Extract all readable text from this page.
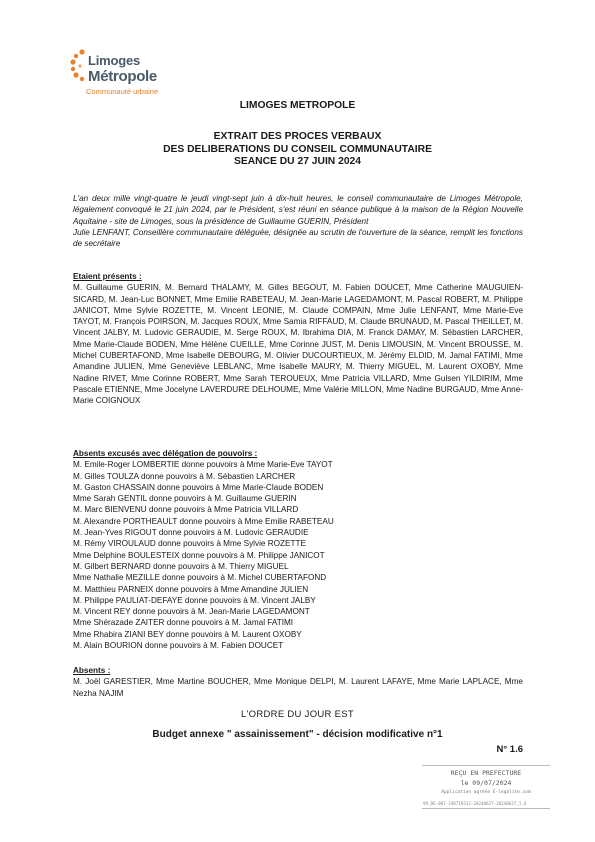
Limoges
Métropole
Communauté urbaine
LIMOGES METROPOLE
EXTRAIT DES PROCES VERBAUX
DES DELIBERATIONS DU CONSEIL COMMUNAUTAIRE
SEANCE DU 27 JUIN 2024

L'an deux mille vingt-quatre le jeudi vingt-sept juin à dix-huit heures, le conseil communautaire de Limoges Métropole, légalement convoqué le 21 juin 2024, par le Président, s'est réuni en séance publique à la maison de la Région Nouvelle Aquitaine - site de Limoges, sous la présidence de Guillaume GUERIN, Président

Julie LENFANT, Conseillère communautaire déléguée, désignée au scrutin de l'ouverture de la séance, remplit les fonctions de secrétaire

Etaient présents :
M. Guillaume GUERIN, M. Bernard THALAMY, M. Gilles BEGOUT, M. Fabien DOUCET, Mme Catherine MAUGUIEN-SICARD, M. Jean-Luc BONNET, Mme Emilie RABETEAU, M. Jean-Marie LAGEDAMONT, M. Pascal ROBERT, M. Philippe JANICOT, Mme Sylvie ROZETTE, M. Vincent LEONIE, M. Claude COMPAIN, Mme Julie LENFANT, Mme Marie-Eve TAYOT, M. François POIRSON, M. Jacques ROUX, Mme Samia RIFFAUD, M. Claude BRUNAUD, M. Pascal THEILLET, M. Vincent JALBY, M. Ludovic GERAUDIE, M. Serge ROUX, M. Ibrahima DIA, M. Franck DAMAY, M. Sébastien LARCHER, Mme Marie-Claude BODEN, Mme Hélène CUEILLE, Mme Corinne JUST, M. Denis LIMOUSIN, M. Vincent BROUSSE, M. Michel CUBERTAFOND, Mme Isabelle DEBOURG, M. Olivier DUCOURTIEUX, M. Jérémy ELDID, M. Jamal FATIMI, Mme Amandine JULIEN, Mme Geneviève LEBLANC, Mme Isabelle MAURY, M. Thierry MIGUEL, M. Laurent OXOBY, Mme Nadine RIVET, Mme Corinne ROBERT, Mme Sarah TEROUEUX, Mme Patricia VILLARD, Mme Gulsen YILDIRIM, Mme Pascale ETIENNE, Mme Jocelyne LAVERDURE DELHOUME, Mme Valérie MILLON, Mme Nadine BURGAUD, Mme Anne-Marie COIGNOUX
Absents excusés avec délégation de pouvoirs :
M. Emile-Roger LOMBERTIE donne pouvoirs à Mme Marie-Eve TAYOT
M. Gilles TOULZA donne pouvoirs à M. Sébastien LARCHER
M. Gaston CHASSAIN donne pouvoirs à Mme Marie-Claude BODEN
Mme Sarah GENTIL donne pouvoirs à M. Guillaume GUERIN
M. Marc BIENVENU donne pouvoirs à Mme Patricia VILLARD
M. Alexandre PORTHEAULT donne pouvoirs à Mme Emilie RABETEAU
M. Jean-Yves RIGOUT donne pouvoirs à M. Ludovic GERAUDIE
M. Rémy VIROULAUD donne pouvoirs à Mme Sylvie ROZETTE
Mme Delphine BOULESTEIX donne pouvoirs à M. Philippe JANICOT
M. Gilbert BERNARD donne pouvoirs à M. Thierry MIGUEL
Mme Nathalie MEZILLE donne pouvoirs à M. Michel CUBERTAFOND
M. Matthieu PARNEIX donne pouvoirs à Mme Amandine JULIEN
M. Philippe PAULIAT-DEFAYE donne pouvoirs à M. Vincent JALBY
M. Vincent REY donne pouvoirs à M. Jean-Marie LAGEDAMONT
Mme Shérazade ZAITER donne pouvoirs à M. Jamal FATIMI
Mme Rhabira ZIANI BEY donne pouvoirs à M. Laurent OXOBY
M. Alain BOURION donne pouvoirs à M. Fabien DOUCET
Absents :
M. Joël GARESTIER, Mme Martine BOUCHER, Mme Monique DELPI, M. Laurent LAFAYE, Mme Marie LAPLACE, Mme Nezha NAJIM
L'ORDRE DU JOUR EST
Budget annexe " assainissement" - décision modificative n°1
N° 1.6
REÇU EN PREFECTURE
le 09/07/2024
Application agréée E-legalite.com
99_DE-087-248719312-20240627-20240627_1.6
